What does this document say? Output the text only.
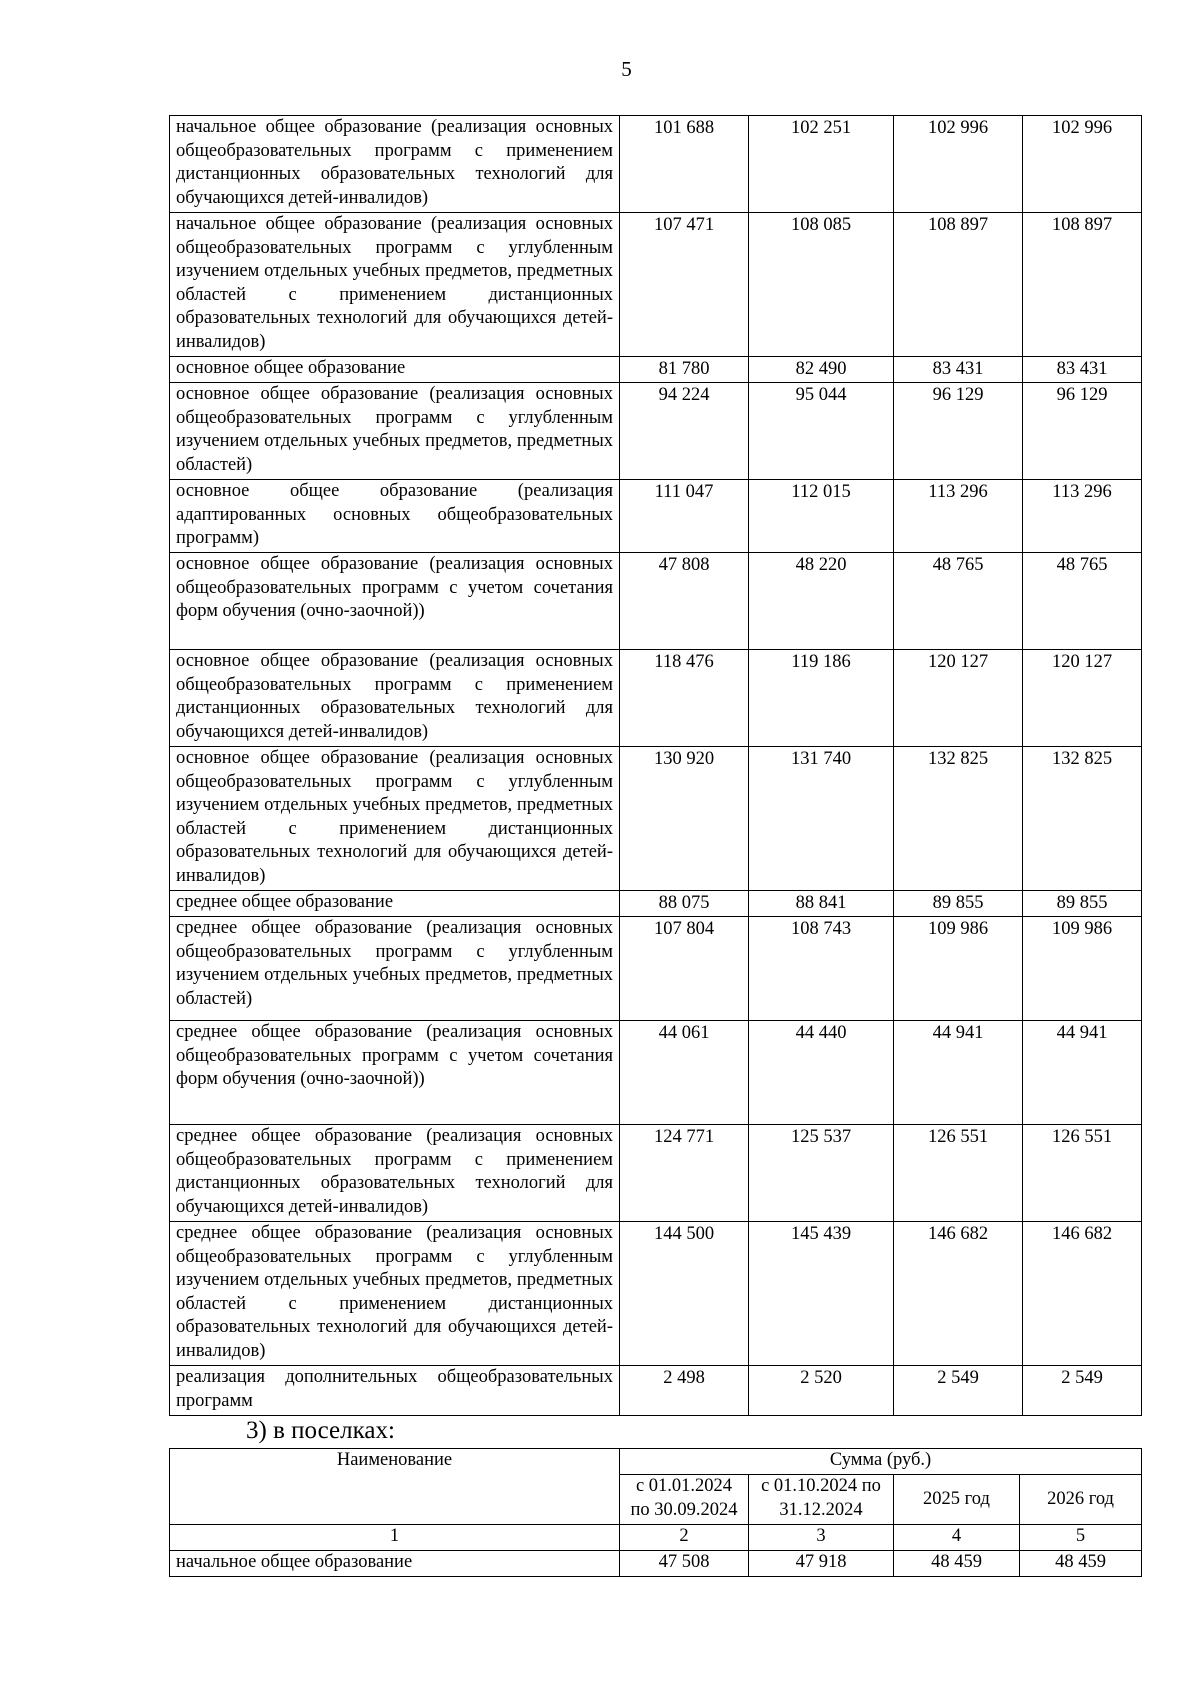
5
начальное общее образование (реализация основных общеобразовательных программ с применением дистанционных образовательных технологий для обучающихся детей-инвалидов)	101 688	102 251	102 996	102 996
начальное общее образование (реализация основных общеобразовательных программ с углубленным изучением отдельных учебных предметов, предметных областей с применением дистанционных образовательных технологий для обучающихся детей-инвалидов)	107 471	108 085	108 897	108 897
основное общее образование	81 780	82 490	83 431	83 431
основное общее образование (реализация основных общеобразовательных программ с углубленным изучением отдельных учебных предметов, предметных областей)	94 224	95 044	96 129	96 129
основное общее образование (реализация адаптированных основных общеобразовательных программ)	111 047	112 015	113 296	113 296
основное общее образование (реализация основных общеобразовательных программ с учетом сочетания форм обучения (очно-заочной))	47 808	48 220	48 765	48 765
основное общее образование (реализация основных общеобразовательных программ с применением дистанционных образовательных технологий для обучающихся детей-инвалидов)	118 476	119 186	120 127	120 127
основное общее образование (реализация основных общеобразовательных программ с углубленным изучением отдельных учебных предметов, предметных областей с применением дистанционных образовательных технологий для обучающихся детей-инвалидов)	130 920	131 740	132 825	132 825
среднее общее образование	88 075	88 841	89 855	89 855
среднее общее образование (реализация основных общеобразовательных программ с углубленным изучением отдельных учебных предметов, предметных областей)	107 804	108 743	109 986	109 986
среднее общее образование (реализация основных общеобразовательных программ с учетом сочетания форм обучения (очно-заочной))	44 061	44 440	44 941	44 941
среднее общее образование (реализация основных общеобразовательных программ с применением дистанционных образовательных технологий для обучающихся детей-инвалидов)	124 771	125 537	126 551	126 551
среднее общее образование (реализация основных общеобразовательных программ с углубленным изучением отдельных учебных предметов, предметных областей с применением дистанционных образовательных технологий для обучающихся детей-инвалидов)	144 500	145 439	146 682	146 682
реализация дополнительных общеобразовательных программ	2 498	2 520	2 549	2 549
3) в поселках:
Наименование	Сумма (руб.)			
	с 01.01.2024 по 30.09.2024	с 01.10.2024 по 31.12.2024	2025 год	2026 год
1	2	3	4	5
начальное общее образование	47 508	47 918	48 459	48 459
